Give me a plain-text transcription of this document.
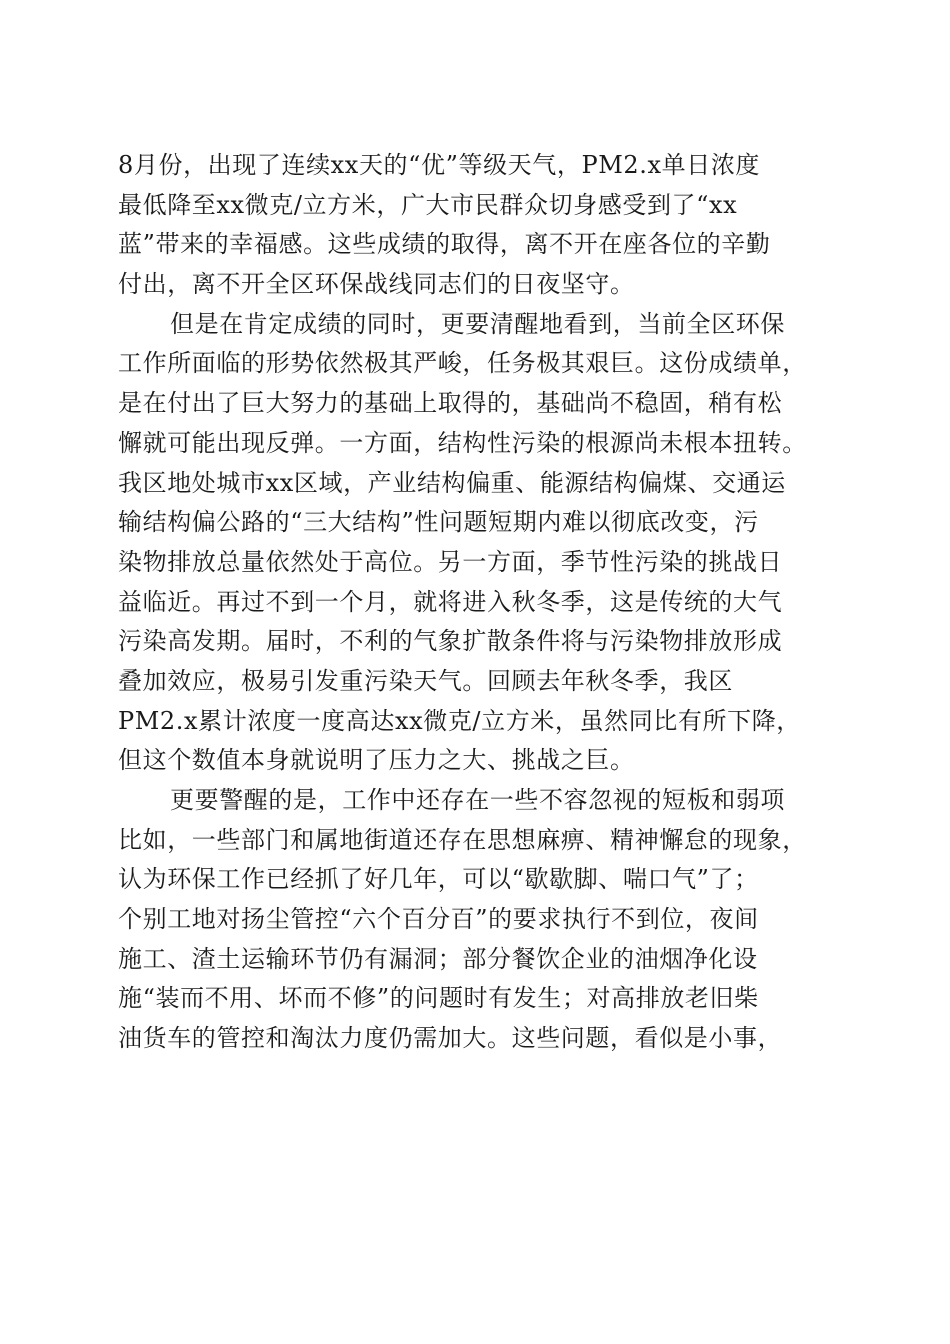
8月份，出现了连续xx天的“优”等级天气，PM2.x单日浓度
最低降至xx微克/立方米，广大市民群众切身感受到了“xx
蓝”带来的幸福感。这些成绩的取得，离不开在座各位的辛勤
付出，离不开全区环保战线同志们的日夜坚守。
但是在肯定成绩的同时，更要清醒地看到，当前全区环保
工作所面临的形势依然极其严峻，任务极其艰巨。这份成绩单，
是在付出了巨大努力的基础上取得的，基础尚不稳固，稍有松
懈就可能出现反弹。一方面，结构性污染的根源尚未根本扭转。
我区地处城市xx区域，产业结构偏重、能源结构偏煤、交通运
输结构偏公路的“三大结构”性问题短期内难以彻底改变，污
染物排放总量依然处于高位。另一方面，季节性污染的挑战日
益临近。再过不到一个月，就将进入秋冬季，这是传统的大气
污染高发期。届时，不利的气象扩散条件将与污染物排放形成
叠加效应，极易引发重污染天气。回顾去年秋冬季，我区
PM2.x累计浓度一度高达xx微克/立方米，虽然同比有所下降，
但这个数值本身就说明了压力之大、挑战之巨。
更要警醒的是，工作中还存在一些不容忽视的短板和弱项
比如，一些部门和属地街道还存在思想麻痹、精神懈怠的现象，
认为环保工作已经抓了好几年，可以“歇歇脚、喘口气”了；
个别工地对扬尘管控“六个百分百”的要求执行不到位，夜间
施工、渣土运输环节仍有漏洞；部分餐饮企业的油烟净化设
施“装而不用、坏而不修”的问题时有发生；对高排放老旧柴
油货车的管控和淘汰力度仍需加大。这些问题，看似是小事，
